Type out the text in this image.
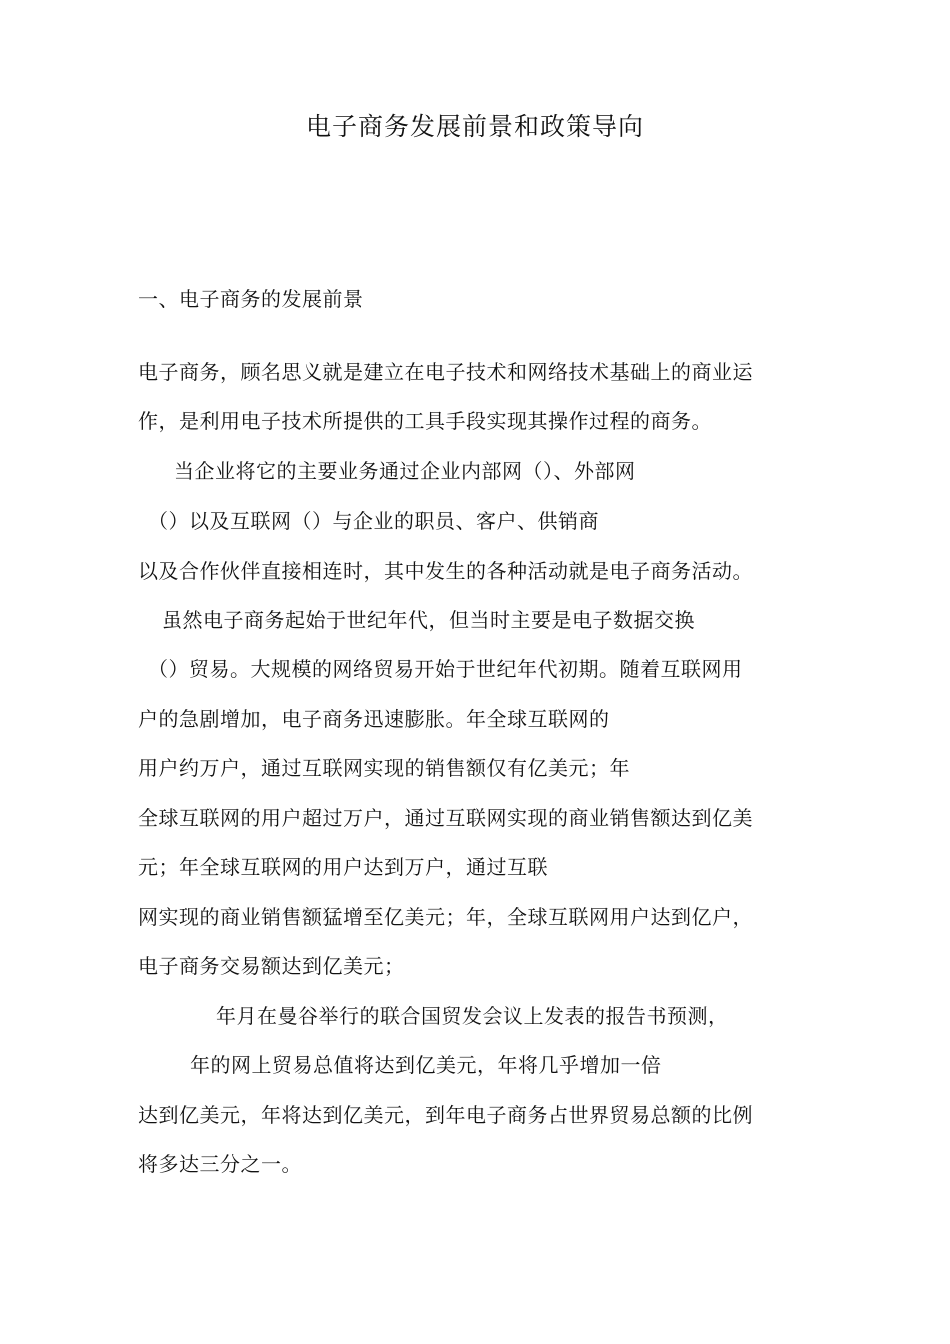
电子商务发展前景和政策导向
一、电子商务的发展前景
电子商务，顾名思义就是建立在电子技术和网络技术基础上的商业运
作，是利用电子技术所提供的工具手段实现其操作过程的商务。
当企业将它的主要业务通过企业内部网（）、外部网
（）以及互联网（）与企业的职员、客户、供销商
以及合作伙伴直接相连时，其中发生的各种活动就是电子商务活动。
虽然电子商务起始于世纪年代，但当时主要是电子数据交换
（）贸易。大规模的网络贸易开始于世纪年代初期。随着互联网用
户的急剧增加，电子商务迅速膨胀。年全球互联网的
用户约万户，通过互联网实现的销售额仅有亿美元；年
全球互联网的用户超过万户，通过互联网实现的商业销售额达到亿美
元；年全球互联网的用户达到万户，通过互联
网实现的商业销售额猛增至亿美元；年，全球互联网用户达到亿户，
电子商务交易额达到亿美元；
年月在曼谷举行的联合国贸发会议上发表的报告书预测，
年的网上贸易总值将达到亿美元，年将几乎增加一倍
达到亿美元，年将达到亿美元，到年电子商务占世界贸易总额的比例
将多达三分之一。
